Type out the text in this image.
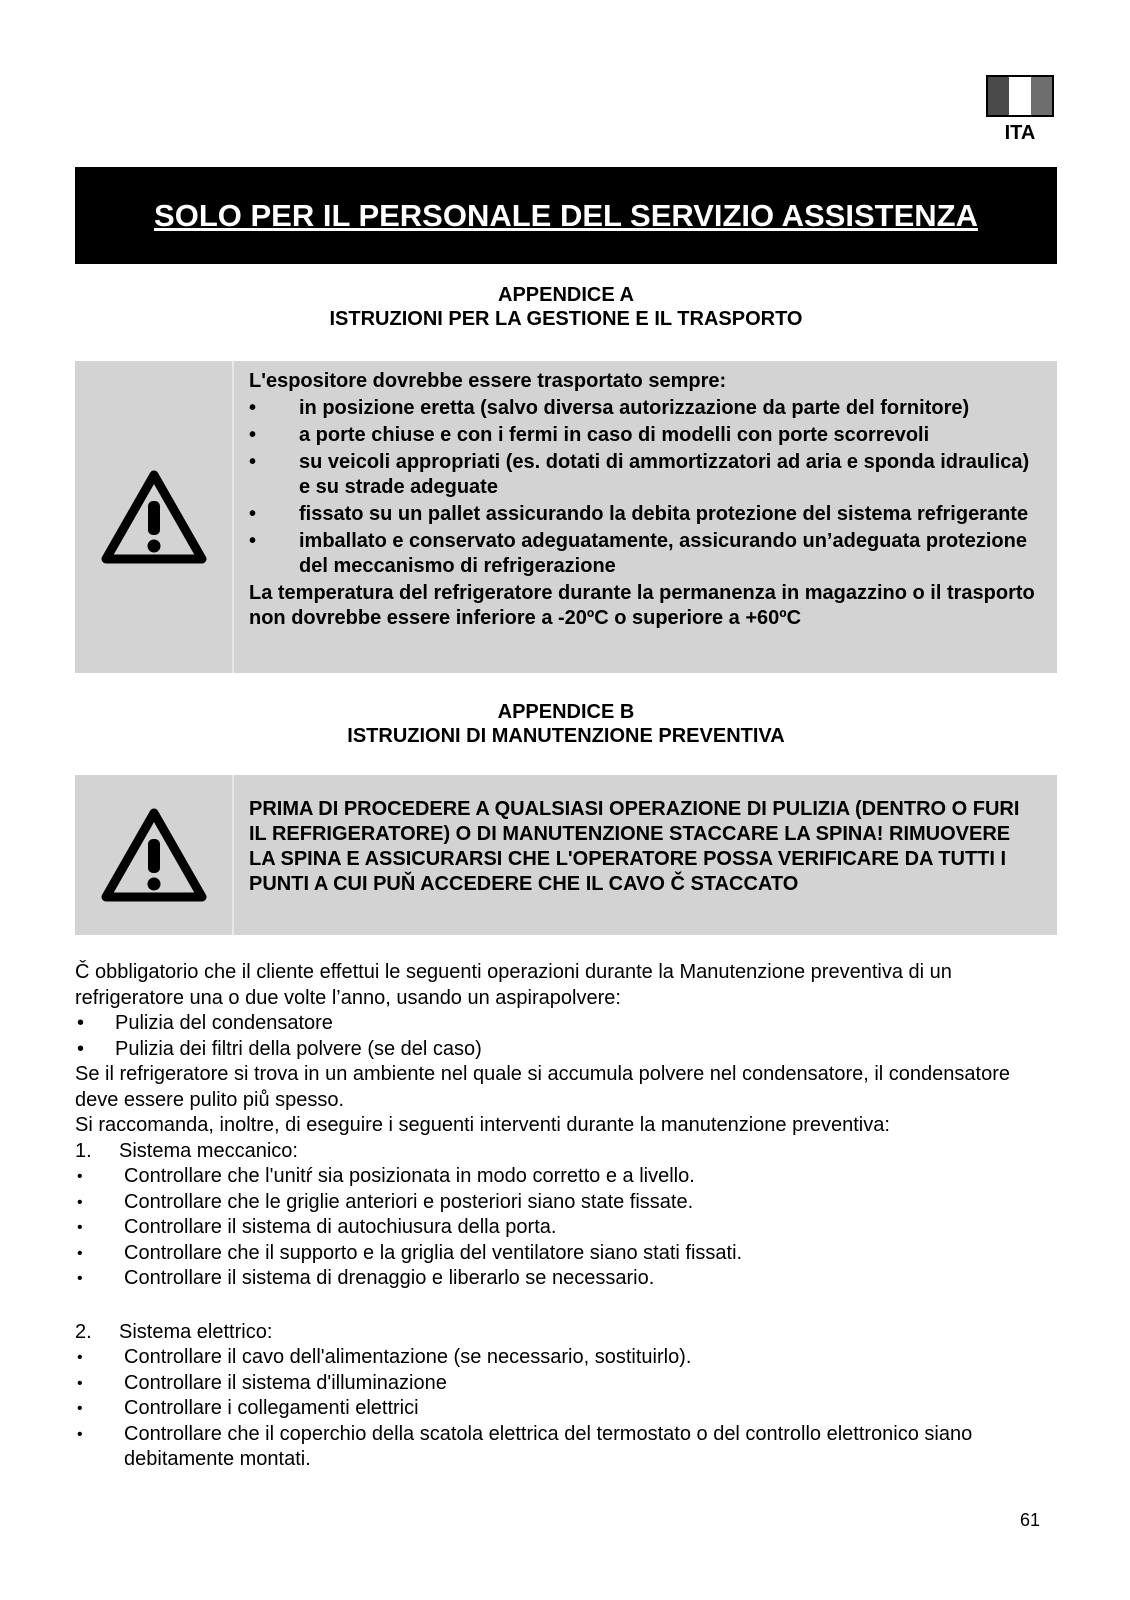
ITA
SOLO PER IL PERSONALE DEL SERVIZIO ASSISTENZA
APPENDICE A
ISTRUZIONI PER LA GESTIONE E IL TRASPORTO
L'espositore dovrebbe essere trasportato sempre:
•	in posizione eretta (salvo diversa autorizzazione da parte del fornitore)
•	a porte chiuse e con i fermi in caso di modelli con porte scorrevoli
•	su veicoli appropriati (es. dotati di ammortizzatori ad aria e sponda idraulica) e su strade adeguate
•	fissato su un pallet assicurando la debita protezione del sistema refrigerante
•	imballato e conservato adeguatamente, assicurando un’adeguata protezione del meccanismo di refrigerazione
La temperatura del refrigeratore durante la permanenza in magazzino o il trasporto non dovrebbe essere inferiore a -20ºC o superiore a +60ºC
APPENDICE B
ISTRUZIONI DI MANUTENZIONE PREVENTIVA
PRIMA DI PROCEDERE A QUALSIASI OPERAZIONE DI PULIZIA (DENTRO O FURI IL REFRIGERATORE) O DI MANUTENZIONE STACCARE LA SPINA! RIMUOVERE LA SPINA E ASSICURARSI CHE L'OPERATORE POSSA VERIFICARE DA TUTTI I PUNTI A CUI PUŇ ACCEDERE CHE IL CAVO Č STACCATO

Č obbligatorio che il cliente effettui le seguenti operazioni durante la Manutenzione preventiva di un refrigeratore una o due volte l’anno, usando un aspirapolvere:

• Pulizia del condensatore

• Pulizia dei filtri della polvere (se del caso)

Se il refrigeratore si trova in un ambiente nel quale si accumula polvere nel condensatore, il condensatore deve essere pulito piů spesso.

Si raccomanda, inoltre, di eseguire i seguenti interventi durante la manutenzione preventiva:

1. Sistema meccanico:

• Controllare che l'unitŕ sia posizionata in modo corretto e a livello.

• Controllare che le griglie anteriori e posteriori siano state fissate.

• Controllare il sistema di autochiusura della porta.

• Controllare che il supporto e la griglia del ventilatore siano stati fissati.

• Controllare il sistema di drenaggio e liberarlo se necessario.

2. Sistema elettrico:

• Controllare il cavo dell'alimentazione (se necessario, sostituirlo).

• Controllare il sistema d'illuminazione

• Controllare i collegamenti elettrici

• Controllare che il coperchio della scatola elettrica del termostato o del controllo elettronico siano debitamente montati.

61
